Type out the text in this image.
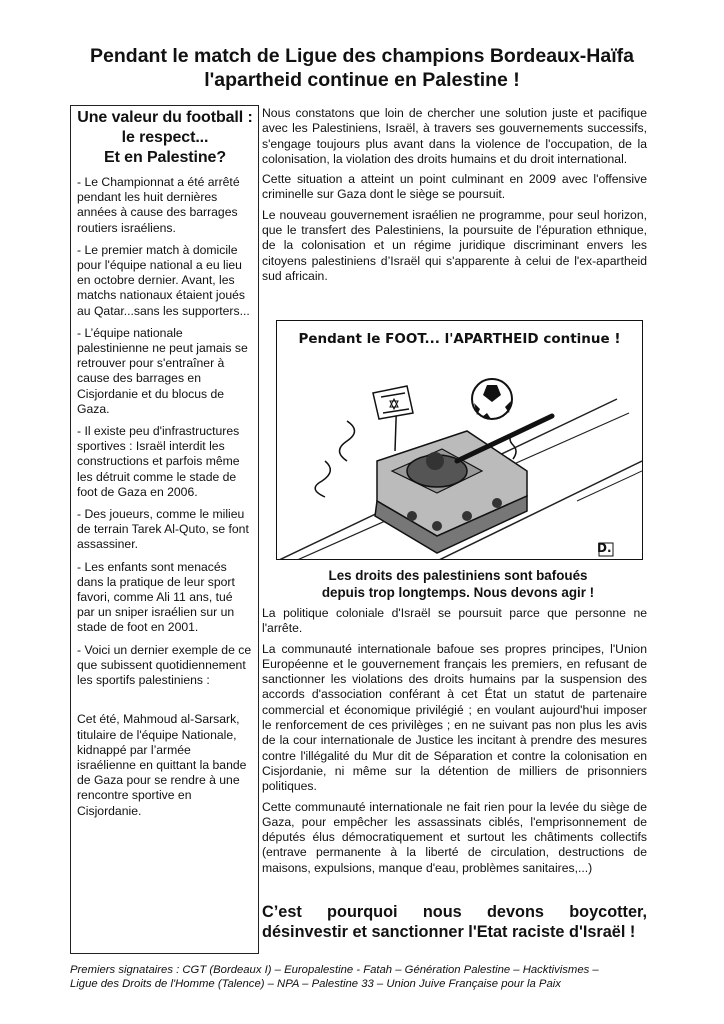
Pendant le match de Ligue des champions Bordeaux-Haïfa
l'apartheid continue en Palestine !
Une valeur du football :
le respect...
Et en Palestine?

- Le Championnat a été arrêté pendant les huit dernières années à cause des barrages routiers israéliens.

- Le premier match à domicile pour l'équipe national a eu lieu en octobre dernier. Avant, les matchs nationaux étaient joués au Qatar...sans les supporters...

- L’équipe nationale palestinienne ne peut jamais se retrouver pour s'entraîner à cause des barrages en Cisjordanie et du blocus de Gaza.

- Il existe peu d'infrastructures sportives : Israël interdit les constructions et parfois même les détruit comme le stade de foot de Gaza en 2006.

- Des joueurs, comme le milieu de terrain Tarek Al-Quto, se font assassiner.

- Les enfants sont menacés dans la pratique de leur sport favori, comme Ali 11 ans, tué par un sniper israélien sur un stade de foot en 2001.

- Voici un dernier exemple de ce que subissent quotidiennement les sportifs palestiniens :

Cet été, Mahmoud al-Sarsark, titulaire de l'équipe Nationale, kidnappé par l’armée israélienne en quittant la bande de Gaza pour se rendre à une rencontre sportive en Cisjordanie.

Nous constatons que loin de chercher une solution juste et pacifique avec les Palestiniens, Israël, à travers ses gouvernements successifs, s'engage toujours plus avant dans la violence de l'occupation, de la colonisation, la violation des droits humains et du droit international.

Cette situation a atteint un point culminant en 2009 avec l'offensive criminelle sur Gaza dont le siège se poursuit.

Le nouveau gouvernement israélien ne programme, pour seul horizon, que le transfert des Palestiniens, la poursuite de l'épuration ethnique, de la colonisation et un régime juridique discriminant envers les citoyens palestiniens d’Israël qui s'apparente à celui de l'ex-apartheid sud africain.

Pendant le FOOT... l'APARTHEID continue !
D.
Les droits des palestiniens sont bafoués
depuis trop longtemps. Nous devons agir !

La politique coloniale d'Israël se poursuit parce que personne ne l'arrête.

La communauté internationale bafoue ses propres principes, l'Union Européenne et le gouvernement français les premiers, en refusant de sanctionner les violations des droits humains par la suspension des accords d'association conférant à cet État un statut de partenaire commercial et économique privilégié ; en voulant aujourd'hui imposer le renforcement de ces privilèges ; en ne suivant pas non plus les avis de la cour internationale de Justice les incitant à prendre des mesures contre l'illégalité du Mur dit de Séparation et contre la colonisation en Cisjordanie, ni même sur la détention de milliers de prisonniers politiques.

Cette communauté internationale ne fait rien pour la levée du siège de Gaza, pour empêcher les assassinats ciblés, l'emprisonnement de députés élus démocratiquement et surtout les châtiments collectifs (entrave permanente à la liberté de circulation, destructions de maisons, expulsions, manque d'eau, problèmes sanitaires,...)

C’est pourquoi nous devons boycotter,
désinvestir et sanctionner l'Etat raciste d'Israël !
Premiers signataires : CGT (Bordeaux I) – Europalestine - Fatah – Génération Palestine – Hacktivismes –
Ligue des Droits de l'Homme (Talence) – NPA – Palestine 33 – Union Juive Française pour la Paix
